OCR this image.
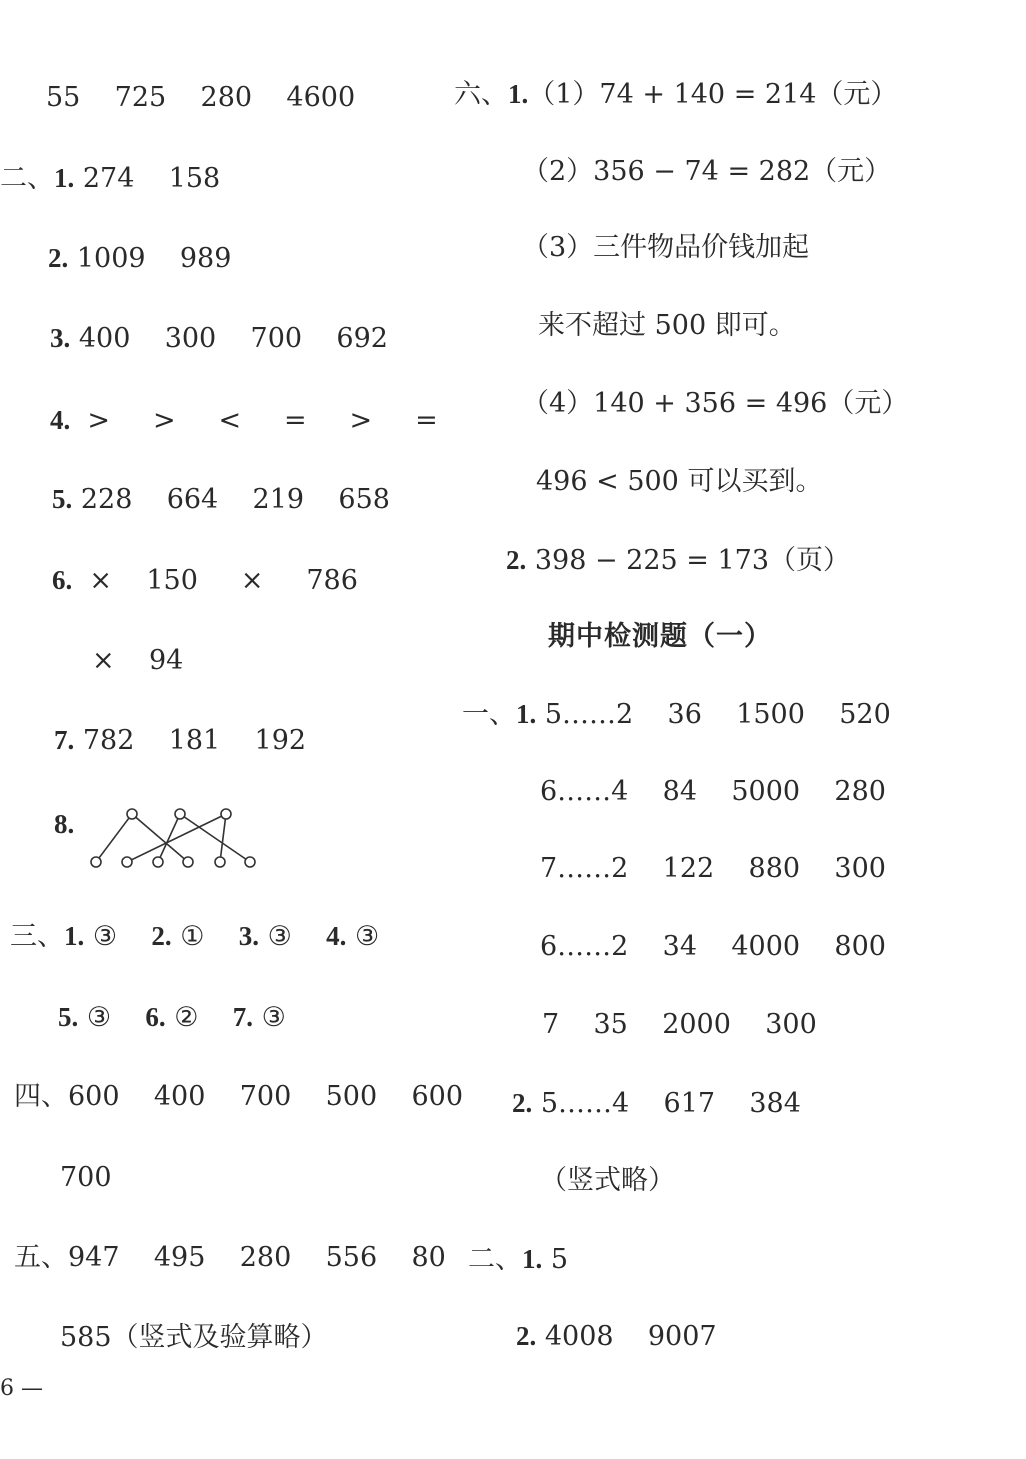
55    725    280    4600
二、1. 274    158
2. 1009    989
3. 400    300    700    692
4.  >     >     <     =     >     =
5. 228    664    219    658
6.  ×    150     ×     786
×    94
7. 782    181    192
8.
三、1. ③    2. ①    3. ③    4. ③
5. ③    6. ②    7. ③
四、600    400    700    500    600
700
五、947    495    280    556    80
585（竖式及验算略）
六、1.（1）74 + 140 = 214（元）
（2）356 − 74 = 282（元）
（3）三件物品价钱加起
来不超过 500 即可。
（4）140 + 356 = 496（元）
496 < 500 可以买到。
2. 398 − 225 = 173（页）
期中检测题（一）
一、1. 5……2    36    1500    520
6……4    84    5000    280
7……2    122    880    300
6……2    34    4000    800
7    35    2000    300
2. 5……4    617    384
（竖式略）
二、1. 5
2. 4008    9007
6 —
